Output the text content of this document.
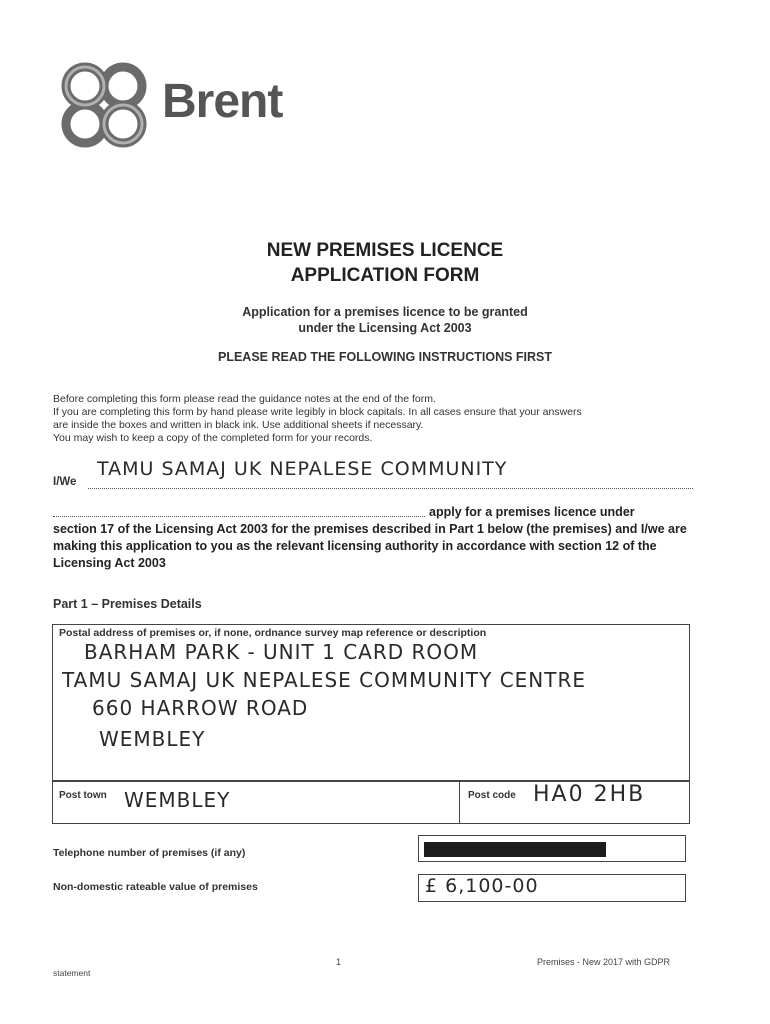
Brent
NEW PREMISES LICENCE
APPLICATION FORM
Application for a premises licence to be granted
under the Licensing Act 2003
PLEASE READ THE FOLLOWING INSTRUCTIONS FIRST
Before completing this form please read the guidance notes at the end of the form.
If you are completing this form by hand please write legibly in block capitals. In all cases ensure that your answers
are inside the boxes and written in black ink. Use additional sheets if necessary.
You may wish to keep a copy of the completed form for your records.
I/We
TAMU SAMAJ UK NEPALESE COMMUNITY
apply for a premises licence under
section 17 of the Licensing Act 2003 for the premises described in Part 1 below (the premises) and I/we are making this application to you as the relevant licensing authority in accordance with section 12 of the Licensing Act 2003
Part 1 – Premises Details
Postal address of premises or, if none, ordnance survey map reference or description
BARHAM PARK - UNIT 1 CARD ROOM
TAMU SAMAJ UK NEPALESE COMMUNITY CENTRE
660 HARROW ROAD
WEMBLEY
Post town WEMBLEY	Post code HA0 2HB
Telephone number of premises (if any)
Non-domestic rateable value of premises	£ 6,100-00
1	Premises - New 2017 with GDPR
statement
